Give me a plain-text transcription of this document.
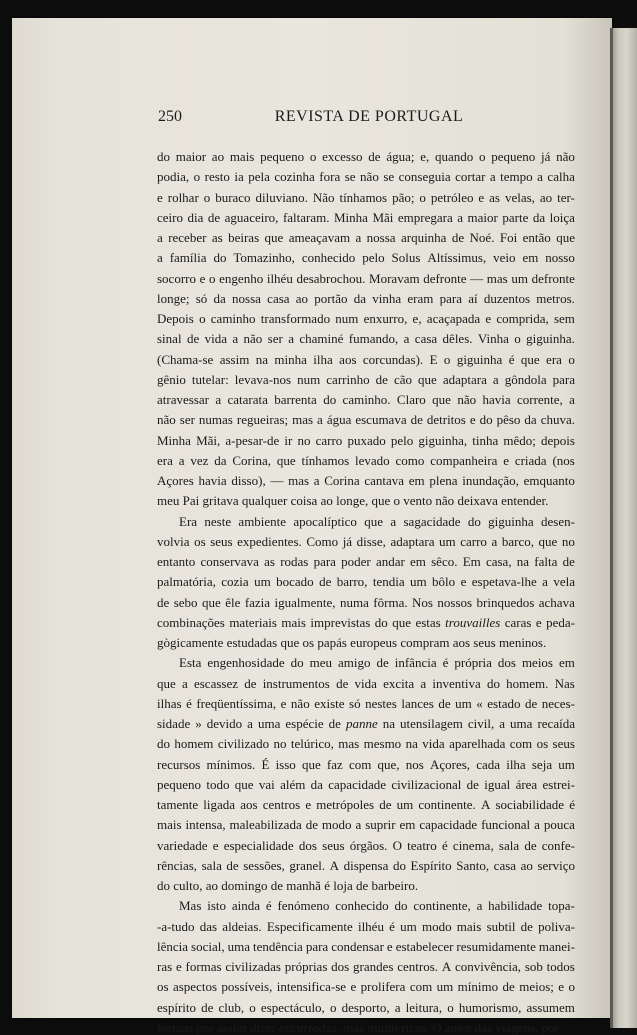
250	REVISTA DE PORTUGAL
do maior ao mais pequeno o excesso de água; e, quando o pequeno já não
podia, o resto ia pela cozinha fora se não se conseguia cortar a tempo a calha
e rolhar o buraco diluviano. Não tínhamos pão; o petróleo e as velas, ao ter-
ceiro dia de aguaceiro, faltaram. Minha Mãi empregara a maior parte da loiça
a receber as beiras que ameaçavam a nossa arquinha de Noé. Foi então que
a família do Tomazinho, conhecido pelo Solus Altíssimus, veio em nosso
socorro e o engenho ilhéu desabrochou. Moravam defronte — mas um defronte
longe; só da nossa casa ao portão da vinha eram para aí duzentos metros.
Depois o caminho transformado num enxurro, e, acaçapada e comprida, sem
sinal de vida a não ser a chaminé fumando, a casa dêles. Vinha o giguinha.
(Chama-se assim na minha ilha aos corcundas). E o giguinha é que era o
gênio tutelar: levava-nos num carrinho de cão que adaptara a gôndola para
atravessar a catarata barrenta do caminho. Claro que não havia corrente, a
não ser numas regueiras; mas a água escumava de detritos e do pêso da chuva.
Minha Mãi, a-pesar-de ir no carro puxado pelo giguinha, tinha mêdo; depois
era a vez da Corina, que tínhamos levado como companheira e criada (nos
Açores havia disso), — mas a Corina cantava em plena inundação, emquanto
meu Pai gritava qualquer coisa ao longe, que o vento não deixava entender.
Era neste ambiente apocalíptico que a sagacidade do giguinha desen-
volvia os seus expedientes. Como já disse, adaptara um carro a barco, que no
entanto conservava as rodas para poder andar em sêco. Em casa, na falta de
palmatória, cozia um bocado de barro, tendia um bôlo e espetava-lhe a vela
de sebo que êle fazia igualmente, numa fôrma. Nos nossos brinquedos achava
combinações materiais mais imprevistas do que estas trouvailles caras e peda-
gògicamente estudadas que os papás europeus compram aos seus meninos.
Esta engenhosidade do meu amigo de infância é própria dos meios em
que a escassez de instrumentos de vida excita a inventiva do homem. Nas
ilhas é freqüentíssima, e não existe só nestes lances de um « estado de neces-
sidade » devido a uma espécie de panne na utensilagem civil, a uma recaída
do homem civilizado no telúrico, mas mesmo na vida aparelhada com os seus
recursos mínimos. É isso que faz com que, nos Açores, cada ilha seja um
pequeno todo que vai além da capacidade civilizacional de igual área estrei-
tamente ligada aos centros e metrópoles de um continente. A sociabilidade é
mais intensa, maleabilizada de modo a suprir em capacidade funcional a pouca
variedade e especialidade dos seus órgãos. O teatro é cinema, sala de confe-
rências, sala de sessões, granel. A dispensa do Espírito Santo, casa ao serviço
do culto, ao domingo de manhã é loja de barbeiro.
Mas isto ainda é fenómeno conhecido do continente, a habilidade topa-
-a-tudo das aldeias. Especificamente ilhéu é um modo mais subtil de poliva-
lência social, uma tendência para condensar e estabelecer resumidamente manei-
ras e formas civilizadas próprias dos grandes centros. A convivência, sob todos
os aspectos possíveis, intensifica-se e prolifera com um mínimo de meios; e o
espírito de club, o espectáculo, o desporto, a leitura, o humorismo, assumem
formas por assim dizer encurtadas, mas muito ricas. O amor das viagens, por
